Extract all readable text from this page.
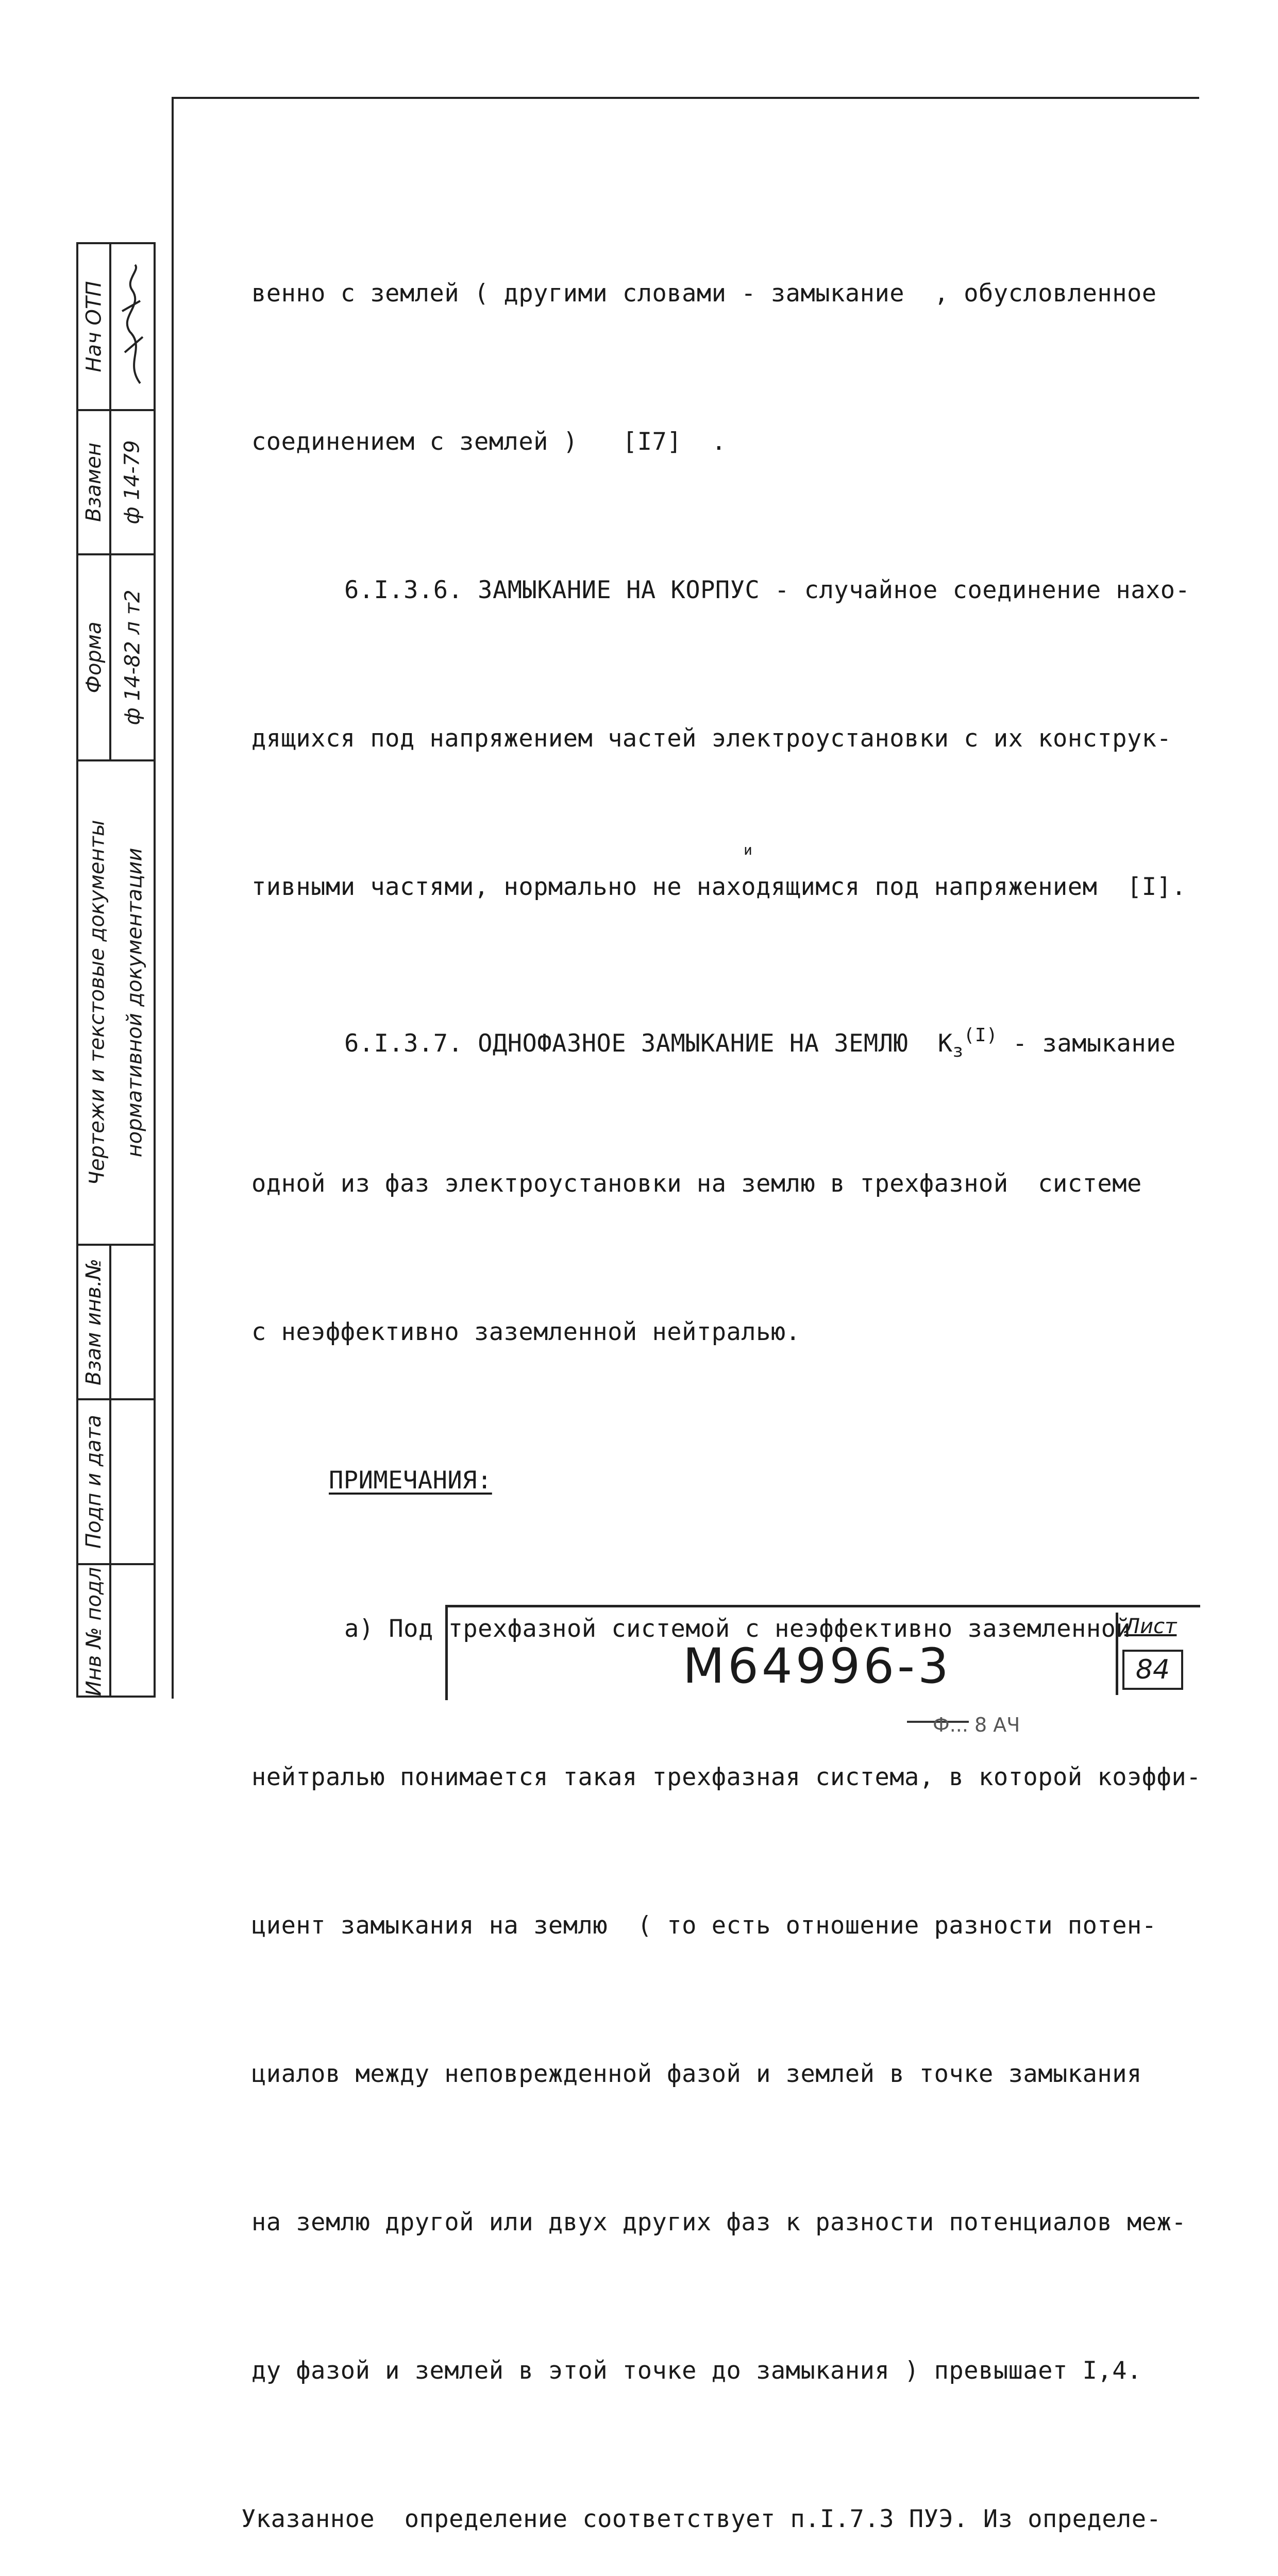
венно с землей ( другими словами - замыкание  , обусловленное

соединением с землей )   [I7]  .

6.I.3.6. ЗАМЫКАНИЕ НА КОРПУС - случайное соединение нахо-

дящихся под напряжением частей электроустановки с их конструк-

и
тивными частями, нормально не находящимся под напряжением  [I].

6.I.3.7. ОДНОФАЗНОЕ ЗАМЫКАНИЕ НА ЗЕМЛЮ  $К_з^{(I)}$ - замыкание

одной из фаз электроустановки на землю в трехфазной  системе

с неэффективно заземленной нейтралью.

ПРИМЕЧАНИЯ:

а) Под трехфазной системой с неэффективно заземленной

нейтралью понимается такая трехфазная система, в которой коэффи-

циент замыкания на землю  ( то есть отношение разности потен-

циалов между неповрежденной фазой и землей в точке замыкания

на землю другой или двух других фаз к разности потенциалов меж-

ду фазой и землей в этой точке до замыкания ) превышает I,4.

Указанное  определение соответствует п.I.7.3 ПУЭ. Из определе-

Нач ОТП
Взамен ф 14-79
Форма ф 14-82 л т2
Чертежи и текстовые документы нормативной документации
Взам инв.№
Подп и дата
Инв № подл	М64996-3
Лист
84
Ф... 8 АЧ
